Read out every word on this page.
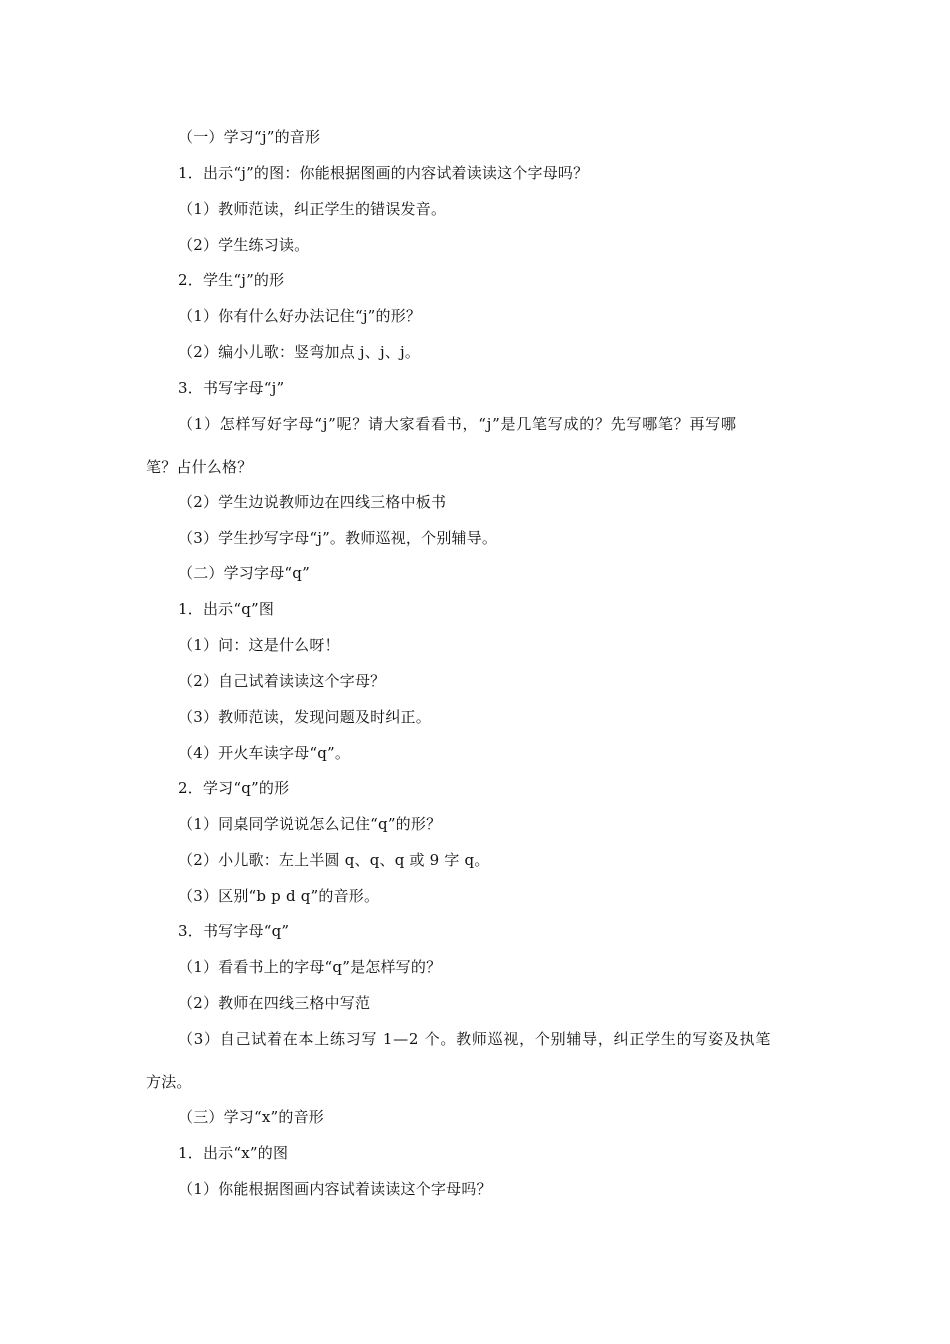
（一）学习“j”的音形
1．出示“j”的图：你能根据图画的内容试着读读这个字母吗？
（1）教师范读，纠正学生的错误发音。
（2）学生练习读。
2．学生“j”的形
（1）你有什么好办法记住“j”的形？
（2）编小儿歌：竖弯加点 j、j、j。
3．书写字母“j”
（1）怎样写好字母“j”呢？请大家看看书，“j”是几笔写成的？先写哪笔？再写哪
笔？占什么格？
（2）学生边说教师边在四线三格中板书
（3）学生抄写字母“j”。教师巡视，个别辅导。
（二）学习字母“q”
1．出示“q”图
（1）问：这是什么呀！
（2）自己试着读读这个字母？
（3）教师范读，发现问题及时纠正。
（4）开火车读字母“q”。
2．学习“q”的形
（1）同桌同学说说怎么记住“q”的形？
（2）小儿歌：左上半圆 q、q、q 或 9 字 q。
（3）区别“b p d q”的音形。
3．书写字母“q”
（1）看看书上的字母“q”是怎样写的？
（2）教师在四线三格中写范
（3）自己试着在本上练习写 1—2 个。教师巡视，个别辅导，纠正学生的写姿及执笔
方法。
（三）学习“x”的音形
1．出示“x”的图
（1）你能根据图画内容试着读读这个字母吗？
